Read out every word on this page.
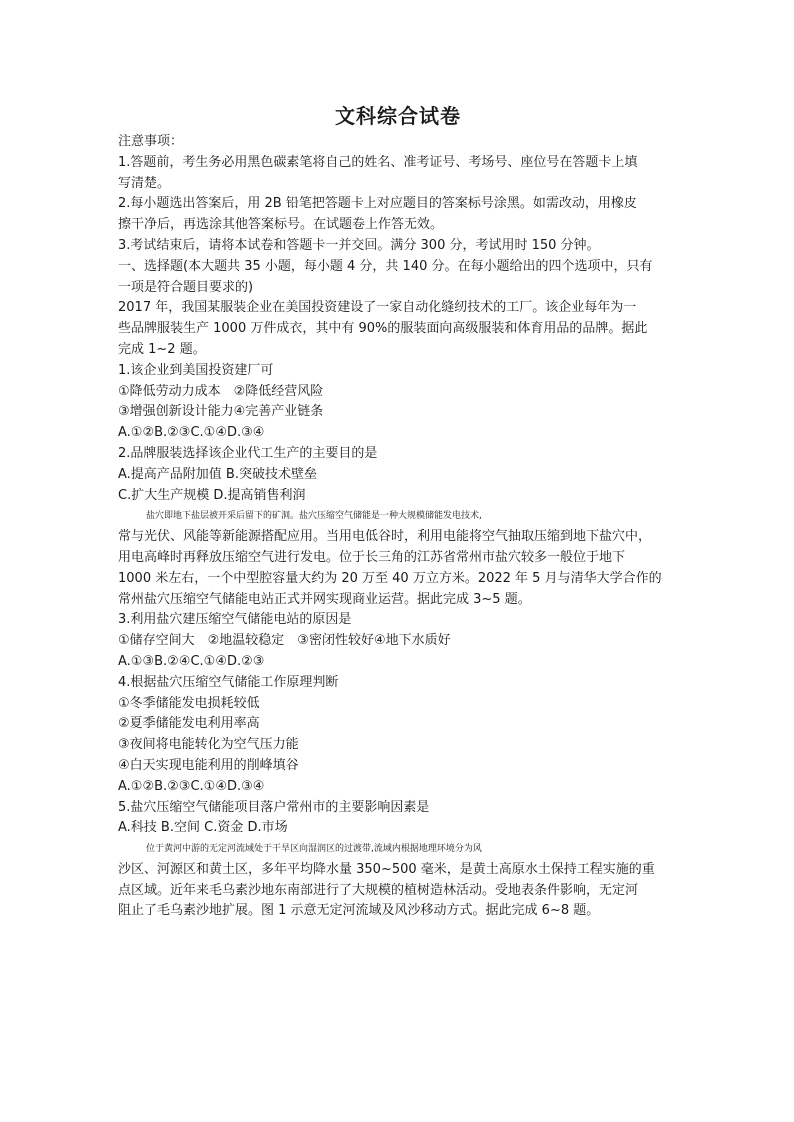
文科综合试卷

注意事项：

1.答题前，考生务必用黑色碳素笔将自己的姓名、准考证号、考场号、座位号在答题卡上填

写清楚。

2.每小题选出答案后，用 2B 铅笔把答题卡上对应题目的答案标号涂黑。如需改动，用橡皮

擦干净后，再选涂其他答案标号。在试题卷上作答无效。

3.考试结束后，请将本试卷和答题卡一并交回。满分 300 分，考试用时 150 分钟。

一、选择题(本大题共 35 小题，每小题 4 分，共 140 分。在每小题给出的四个选项中，只有

一项是符合题目要求的)

2017 年，我国某服装企业在美国投资建设了一家自动化缝纫技术的工厂。该企业每年为一

些品牌服装生产 1000 万件成衣，其中有 90%的服装面向高级服装和体育用品的品牌。据此

完成 1~2 题。

1.该企业到美国投资建厂可

①降低劳动力成本　②降低经营风险

③增强创新设计能力④完善产业链条

A.①②B.②③C.①④D.③④

2.品牌服装选择该企业代工生产的主要目的是

A.提高产品附加值 B.突破技术壁垒

C.扩大生产规模 D.提高销售利润

盐穴即地下盐层被开采后留下的矿洞。盐穴压缩空气储能是一种大规模储能发电技术,

常与光伏、风能等新能源搭配应用。当用电低谷时，利用电能将空气抽取压缩到地下盐穴中，

用电高峰时再释放压缩空气进行发电。位于长三角的江苏省常州市盐穴较多一般位于地下

1000 米左右，一个中型腔容量大约为 20 万至 40 万立方米。2022 年 5 月与清华大学合作的

常州盐穴压缩空气储能电站正式并网实现商业运营。据此完成 3~5 题。

3.利用盐穴建压缩空气储能电站的原因是

①储存空间大　②地温较稳定　③密闭性较好④地下水质好

A.①③B.②④C.①④D.②③

4.根据盐穴压缩空气储能工作原理判断

①冬季储能发电损耗较低

②夏季储能发电利用率高

③夜间将电能转化为空气压力能

④白天实现电能利用的削峰填谷

A.①②B.②③C.①④D.③④

5.盐穴压缩空气储能项目落户常州市的主要影响因素是

A.科技 B.空间 C.资金 D.市场

位于黄河中游的无定河流域处于干旱区向湿润区的过渡带,流域内根据地理环境分为风

沙区、河源区和黄土区，多年平均降水量 350~500 毫米，是黄土高原水土保持工程实施的重

点区域。近年来毛乌素沙地东南部进行了大规模的植树造林活动。受地表条件影响，无定河

阻止了毛乌素沙地扩展。图 1 示意无定河流域及风沙移动方式。据此完成 6~8 题。
